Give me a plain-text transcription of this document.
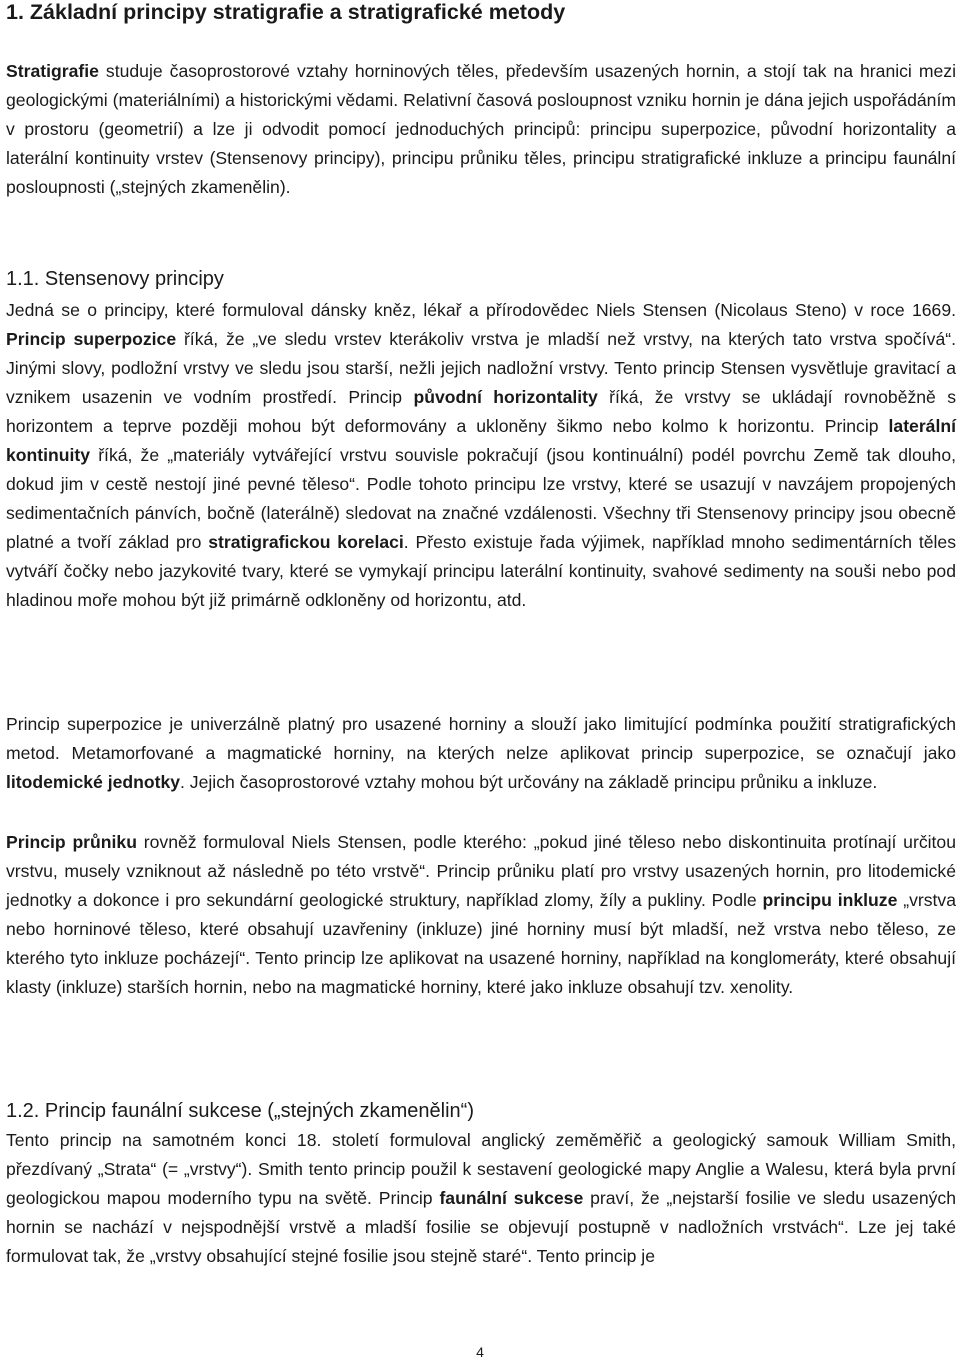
1. Základní principy stratigrafie a stratigrafické metody

Stratigrafie studuje časoprostorové vztahy horninových těles, především usazených hornin, a stojí tak na hranici mezi geologickými (materiálními) a historickými vědami. Relativní časová posloupnost vzniku hornin je dána jejich uspořádáním v prostoru (geometrií) a lze ji odvodit pomocí jednoduchých principů: principu superpozice, původní horizontality a laterální kontinuity vrstev (Stensenovy principy), principu průniku těles, principu stratigrafické inkluze a principu faunální posloupnosti („stejných zkamenělin).

1.1. Stensenovy principy

Jedná se o principy, které formuloval dánsky kněz, lékař a přírodovědec Niels Stensen (Nicolaus Steno) v roce 1669. Princip superpozice říká, že „ve sledu vrstev kterákoliv vrstva je mladší než vrstvy, na kterých tato vrstva spočívá“. Jinými slovy, podložní vrstvy ve sledu jsou starší, nežli jejich nadložní vrstvy. Tento princip Stensen vysvětluje gravitací a vznikem usazenin ve vodním prostředí. Princip původní horizontality říká, že vrstvy se ukládají rovnoběžně s horizontem a teprve později mohou být deformovány a ukloněny šikmo nebo kolmo k horizontu. Princip laterální kontinuity říká, že „materiály vytvářející vrstvu souvisle pokračují (jsou kontinuální) podél povrchu Země tak dlouho, dokud jim v cestě nestojí jiné pevné těleso“. Podle tohoto principu lze vrstvy, které se usazují v navzájem propojených sedimentačních pánvích, bočně (laterálně) sledovat na značné vzdálenosti. Všechny tři Stensenovy principy jsou obecně platné a tvoří základ pro stratigrafickou korelaci. Přesto existuje řada výjimek, například mnoho sedimentárních těles vytváří čočky nebo jazykovité tvary, které se vymykají principu laterální kontinuity, svahové sedimenty na souši nebo pod hladinou moře mohou být již primárně odkloněny od horizontu, atd.

Princip superpozice je univerzálně platný pro usazené horniny a slouží jako limitující podmínka použití stratigrafických metod. Metamorfované a magmatické horniny, na kterých nelze aplikovat princip superpozice, se označují jako litodemické jednotky. Jejich časoprostorové vztahy mohou být určovány na základě principu průniku a inkluze.

Princip průniku rovněž formuloval Niels Stensen, podle kterého: „pokud jiné těleso nebo diskontinuita protínají určitou vrstvu, musely vzniknout až následně po této vrstvě“. Princip průniku platí pro vrstvy usazených hornin, pro litodemické jednotky a dokonce i pro sekundární geologické struktury, například zlomy, žíly a pukliny. Podle principu inkluze „vrstva nebo horninové těleso, které obsahují uzavřeniny (inkluze) jiné horniny musí být mladší, než vrstva nebo těleso, ze kterého tyto inkluze pocházejí“. Tento princip lze aplikovat na usazené horniny, například na konglomeráty, které obsahují klasty (inkluze) starších hornin, nebo na magmatické horniny, které jako inkluze obsahují tzv. xenolity.

1.2. Princip faunální sukcese („stejných zkamenělin“)

Tento princip na samotném konci 18. století formuloval anglický zeměměřič a geologický samouk William Smith, přezdívaný „Strata“ (= „vrstvy“). Smith tento princip použil k sestavení geologické mapy Anglie a Walesu, která byla první geologickou mapou moderního typu na světě. Princip faunální sukcese praví, že „nejstarší fosilie ve sledu usazených hornin se nachází v nejspodnější vrstvě a mladší fosilie se objevují postupně v nadložních vrstvách“. Lze jej také formulovat tak, že „vrstvy obsahující stejné fosilie jsou stejně staré“. Tento princip je

4
